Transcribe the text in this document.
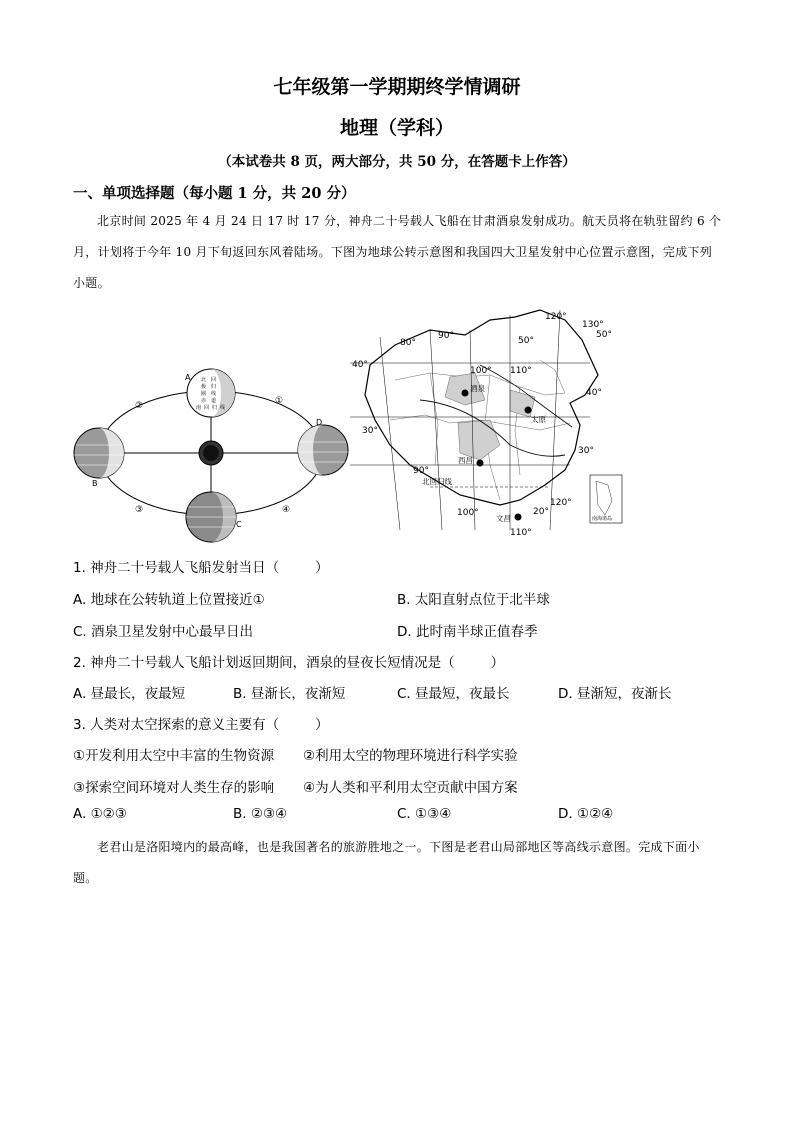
七年级第一学期期终学情调研
地理（学科）
（本试卷共 8 页，两大部分，共 50 分，在答题卡上作答）
一、单项选择题（每小题 1 分，共 20 分）
北京时间 2025 年 4 月 24 日 17 时 17 分，神舟二十号载人飞船在甘肃酒泉发射成功。航天员将在轨驻留约 6 个月，计划将于今年 10 月下旬返回东风着陆场。下图为地球公转示意图和我国四大卫星发射中心位置示意图，完成下列小题。
A
B
C
D
①
②
③	④
北 回
极 归
圈 线
赤 道
南 回 归 线
80°
90°
100° 110°
120°
130°
90°
100°
110°
120°
50°
50°
40°
40°
30°
30°
20°
酒泉
太原
西昌
文昌
北回归线
南海诸岛
1. 神舟二十号载人飞船发射当日（	）
A. 地球在公转轨道上位置接近①	B. 太阳直射点位于北半球
C. 酒泉卫星发射中心最早日出	D. 此时南半球正值春季
2. 神舟二十号载人飞船计划返回期间，酒泉的昼夜长短情况是（	）
A. 昼最长，夜最短	B. 昼渐长，夜渐短	C. 昼最短，夜最长	D. 昼渐短，夜渐长
3. 人类对太空探索的意义主要有（	）
①开发利用太空中丰富的生物资源 ②利用太空的物理环境进行科学实验
③探索空间环境对人类生存的影响 ④为人类和平利用太空贡献中国方案
A. ①②③	B. ②③④	C. ①③④	D. ①②④
老君山是洛阳境内的最高峰，也是我国著名的旅游胜地之一。下图是老君山局部地区等高线示意图。完成下面小题。
